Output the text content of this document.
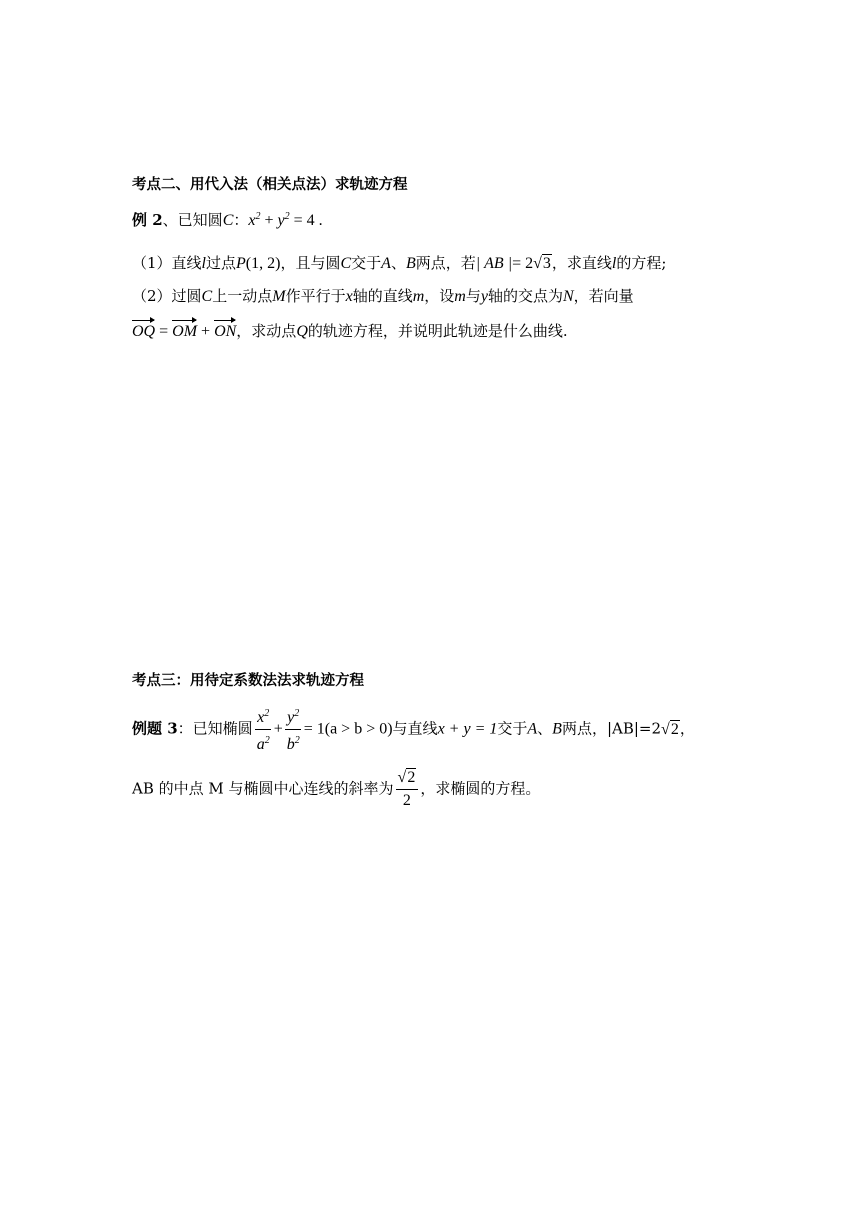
考点二、用代入法（相关点法）求轨迹方程
例 2、已知圆C：$x^2 + y^2 = 4$ .
（1）直线l过点P(1, 2)，且与圆C交于A、B两点，若| AB |= 2√3，求直线l的方程;
（2）过圆C上一动点M作平行于x轴的直线m，设m与y轴的交点为N，若向量
OQ = OM + ON，求动点Q的轨迹方程，并说明此轨迹是什么曲线.
考点三：用待定系数法法求轨迹方程
例题 3：已知椭圆 $\frac{x^2}{a^2} + \frac{y^2}{b^2} = 1(a > b > 0)$与直线x + y = 1交于A、B两点，|AB|=2√2，
AB 的中点 M 与椭圆中心连线的斜率为 $\frac{√2}{2}$ ，求椭圆的方程。
